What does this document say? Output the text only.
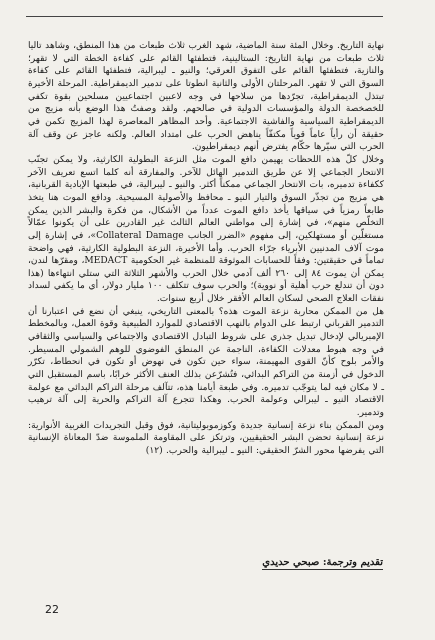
نهاية التاريخ. وخلال المئة سنة الماضية، شهد الغرب ثلاث طبعات من هذا المنطق، وشاهد تاليا ثلاث طبعات من نهاية التاريخ: الستالينية، فتطفئها القائم على كفاءة الخطة التي لا تقهر؛ والنازية، فتطفئها القائم على التفوق العرقي؛ والنيو ـ ليبرالية، فتطفئها القائم على كفاءة السوق التي لا تقهر. المرحلتان الأولى والثانية انطوتا على تدمير الديمقراطية. المرحلة الأخيرة تبتذل الديمقراطية، تجرّدها من سلاحها في وجه لاعبين اجتماعيين مسلحين بقوة تكفي للخصخصة الدولة والمؤسسات الدولية في صالحهم. ولقد وصفتُ هذا الوضع بأنه مزيج من الديمقراطية السياسية والفاشية الاجتماعية. وأحد المظاهر المعاصرة لهذا المزيج تكمن في حقيقة أن رأياً عاماً قوياً مكتفّاً يناهض الحرب على امتداد العالم. ولكنه عاجز عن وقف آلة الحرب التي سيّرها حكّام يفترض أنهم ديمقراطيون.

وخلال كلّ هذه اللحظات يهيمن دافع الموت مثل النزعة البطولية الكارثية، ولا يمكن تجنّب الانتحار الجماعي إلا عن طريق التدمير الهائل للآخر. والمفارقة أنه كلما اتسع تعريف الآخر ككفاءة تدميره، بات الانتحار الجماعي ممكناً أكثر. والنيو ـ ليبرالية، في طبعتها الإبادية القربانية، هي مزيج من تجذّر السوق والتيار النيو ـ محافظ والأصولية المسيحية. ودافع الموت هنا يتخذ طابعاً رمزياً في سياقها يأخذ دافع الموت عدداً من الأشكال، من فكرة والبشر الذين يمكن التخلّص منهم»، في إشارة إلى مواطني العالم الثالث غير القادرين على أن يكونوا عمّالاً مستغلّين أو مستهلكين، إلى مفهوم «الضرر الجانب Collateral Damage»، في إشارة إلى موت آلاف المدنيين الأبرياء جرّاء الحرب. وأما الأخيرة، النزعة البطولية الكارثية، فهي واضحة تماماً في حقيقتين: وفقاً للحسابات الموثوقة للمنظمة غير الحكومية MEDACT، ومقرّها لندن، يمكن أن يموت ٨٤ إلى ٢٦٠ ألف آدمي خلال الحرب والأشهر الثلاثة التي ستلي انتهاءها (هذا دون أن تندلع حرب أهلية أو نووية)؛ والحرب سوف تتكلف ١٠٠ مليار دولار، أي ما يكفي لسداد نفقات العلاج الصحي لسكان العالم الأفقر خلال أربع سنوات.

هل من الممكن محاربة نزعة الموت هذه؟ بالمعنى التاريخي، ينبغي أن نضع في اعتبارنا أن التدمير القرباني ارتبط على الدوام بالنهب الاقتصادي للموارد الطبيعية وقوة العمل، وبالمخطط الإمبريالي لإدخال تبديل جذري على شروط التبادل الاقتصادي والاجتماعي والسياسي والثقافي في وجه هبوط معدلات الكفاءة، الناجمة عن المنطق الفوضوي للوهم الشمولي المسيطر. والأمر بلوح كأنّ القوى المهيمنة، سواء حين تكون في نهوض أو تكون في انحطاط، تكرّر الدخول في أزمنة من التراكم البدائي، فتُشرّعن بذلك العنف الأكثر خرابًا، باسم المستقبل التي ـ لا مكان فيه لما يتوجّب تدميره. وفي طبعة أيامنا هذه، تتآلف مرحلة التراكم البدائي مع عولمة الاقتصاد النيو ـ ليبرالي وعولمة الحرب. وهكذا تتجرع آلة التراكم والحرية إلى آلة ترهيب وتدمير.

ومن الممكن بناء نزعة إنسانية جديدة وكوزموبوليتانية، فوق وقبل التجريدات الغربية الأنوارية: نزعة إنسانية تحضن البشر الحقيقيين، وترتكز على المقاومة الملموسة ضدّ المعاناة الإنسانية التي يفرضها محور الشرّ الحقيقي: النيو ـ ليبرالية والحرب. (١٢)

تقديم وترجمة: صبحي حديدي
22
